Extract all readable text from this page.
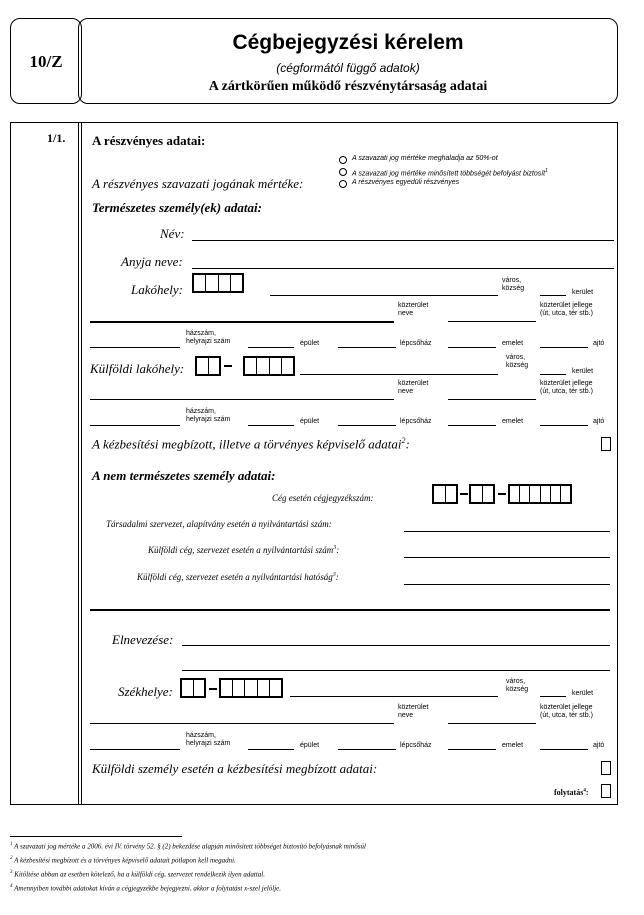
10/Z
Cégbejegyzési kérelem
(cégformától függő adatok)
A zártkörűen működő részvénytársaság adatai
1/1. A részvényes adatai:
A szavazati jog mértéke meghaladja az 50%-ot
A szavazati jog mértéke minősített többségét befolyást biztosít$^1$
A részvényes egyedüli részvényes
A részvényes szavazati jogának mértéke:
Természetes személy(ek) adatai:
Név:
Anyja neve:
Lakóhely:
város,
község
kerület
közterület
neve
közterület jellege
(út, utca, tér stb.)
házszám,
helyrajzi szám	épület	lépcsőház	emelet	ajtó
Külföldi lakóhely:
város,
község
kerület
közterület
neve
közterület jellege
(út, utca, tér stb.)
házszám,
helyrajzi szám	épület	lépcsőház	emelet	ajtó
A kézbesítési megbízott, illetve a törvényes képviselő adatai$^2$:
A nem természetes személy adatai:
Cég esetén cégjegyzékszám:
Társadalmi szervezet, alapítvány esetén a nyilvántartási szám:
Külföldi cég, szervezet esetén a nyilvántartási szám$^3$:
Külföldi cég, szervezet esetén a nyilvántartási hatóság$^3$:
Elnevezése:
Székhelye:
város,
község
kerület
közterület
neve
közterület jellege
(út, utca, tér stb.)
házszám,
helyrajzi szám	épület	lépcsőház	emelet	ajtó
Külföldi személy esetén a kézbesítési megbízott adatai:
folytatás$^4$:
$^1$ A szavazati jog mértéke a 2006. évi IV. törvény 52. § (2) bekezdése alapján minősített többséget biztosító befolyásnak minősül
$^2$ A kézbesítési megbízott és a törvényes képviselő adatait pótlapon kell megadni.
$^3$ Kitöltése abban az esetben kötelező, ha a külföldi cég, szervezet rendelkezik ilyen adattal.
$^4$ Amennyiben további adatokat kíván a cégjegyzékbe bejegyezni, akkor a folytatást x-szel jelölje.
